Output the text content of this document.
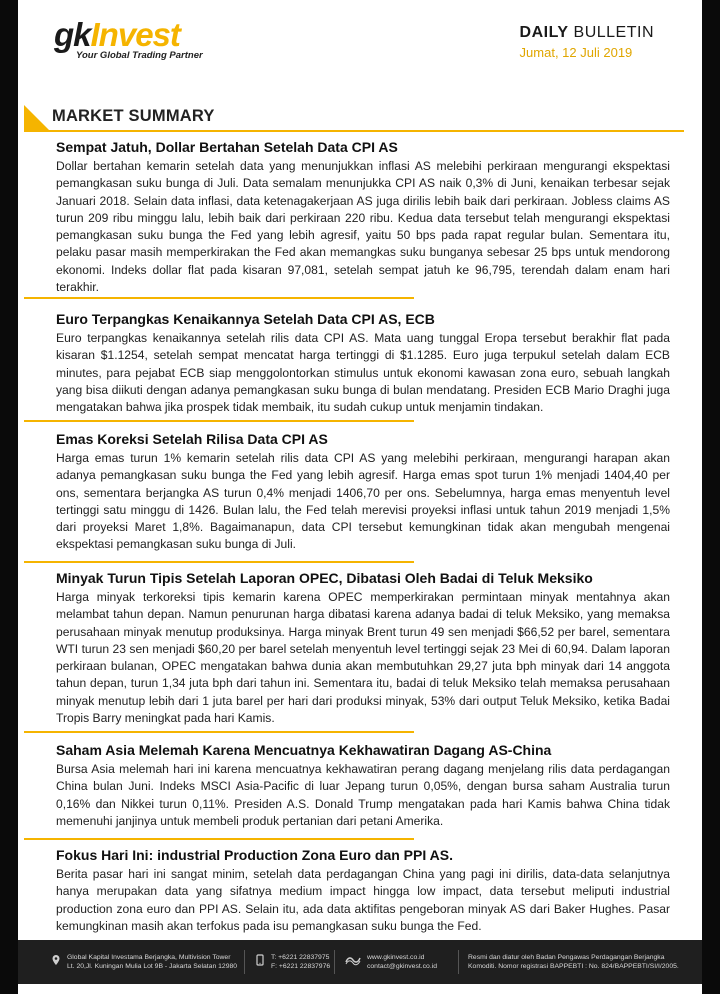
gkInvest
Your Global Trading Partner
DAILY BULLETIN
Jumat, 12 Juli 2019
MARKET SUMMARY
Sempat Jatuh, Dollar Bertahan Setelah Data CPI AS

Dollar bertahan kemarin setelah data yang menunjukkan inflasi AS melebihi perkiraan mengurangi ekspektasi pemangkasan suku bunga di Juli. Data semalam menunjukka CPI AS naik 0,3% di Juni, kenaikan terbesar sejak Januari 2018. Selain data inflasi, data ketenagakerjaan AS juga dirilis lebih baik dari perkiraan. Jobless claims AS turun 209 ribu minggu lalu, lebih baik dari perkiraan 220 ribu. Kedua data tersebut telah mengurangi ekspektasi pemangkasan suku bunga the Fed yang lebih agresif, yaitu 50 bps pada rapat regular bulan. Sementara itu, pelaku pasar masih memperkirakan the Fed akan memangkas suku bunganya sebesar 25 bps untuk mendorong ekonomi. Indeks dollar flat pada kisaran 97,081, setelah sempat jatuh ke 96,795, terendah dalam enam hari terakhir.

Euro Terpangkas Kenaikannya Setelah Data CPI AS, ECB

Euro terpangkas kenaikannya setelah rilis data CPI AS. Mata uang tunggal Eropa tersebut berakhir flat pada kisaran $1.1254, setelah sempat mencatat harga tertinggi di $1.1285. Euro juga terpukul setelah dalam ECB minutes, para pejabat ECB siap menggolontorkan stimulus untuk ekonomi kawasan zona euro, sebuah langkah yang bisa diikuti dengan adanya pemangkasan suku bunga di bulan mendatang. Presiden ECB Mario Draghi juga mengatakan bahwa jika prospek tidak membaik, itu sudah cukup untuk menjamin tindakan.

Emas Koreksi Setelah Rilisa Data CPI AS

Harga emas turun 1% kemarin setelah rilis data CPI AS yang melebihi perkiraan, mengurangi harapan akan adanya pemangkasan suku bunga the Fed yang lebih agresif. Harga emas spot turun 1% menjadi 1404,40 per ons, sementara berjangka AS turun 0,4% menjadi 1406,70 per ons. Sebelumnya, harga emas menyentuh level tertinggi satu minggu di 1426. Bulan lalu, the Fed telah merevisi proyeksi inflasi untuk tahun 2019 menjadi 1,5% dari proyeksi Maret 1,8%. Bagaimanapun, data CPI tersebut kemungkinan tidak akan mengubah mengenai ekspektasi pemangkasan suku bunga di Juli.

Minyak Turun Tipis Setelah Laporan OPEC, Dibatasi Oleh Badai di Teluk Meksiko

Harga minyak terkoreksi tipis kemarin karena OPEC memperkirakan permintaan minyak mentahnya akan melambat tahun depan. Namun penurunan harga dibatasi karena adanya badai di teluk Meksiko, yang memaksa perusahaan minyak menutup produksinya. Harga minyak Brent turun 49 sen menjadi $66,52 per barel, sementara WTI turun 23 sen menjadi $60,20 per barel setelah menyentuh level tertinggi sejak 23 Mei di 60,94. Dalam laporan perkiraan bulanan, OPEC mengatakan bahwa dunia akan membutuhkan 29,27 juta bph minyak dari 14 anggota tahun depan, turun 1,34 juta bph dari tahun ini. Sementara itu, badai di teluk Meksiko telah memaksa perusahaan minyak menutup lebih dari 1 juta barel per hari dari produksi minyak, 53% dari output Teluk Meksiko, ketika Badai Tropis Barry meningkat pada hari Kamis.

Saham Asia Melemah Karena Mencuatnya Kekhawatiran Dagang AS-China

Bursa Asia melemah hari ini karena mencuatnya kekhawatiran perang dagang menjelang rilis data perdagangan China bulan Juni. Indeks MSCI Asia-Pacific di luar Jepang turun 0,05%, dengan bursa saham Australia turun 0,16% dan Nikkei turun 0,11%. Presiden A.S. Donald Trump mengatakan pada hari Kamis bahwa China tidak memenuhi janjinya untuk membeli produk pertanian dari petani Amerika.

Fokus Hari Ini: industrial Production Zona Euro dan PPI AS.

Berita pasar hari ini sangat minim, setelah data perdagangan China yang pagi ini dirilis, data-data selanjutnya hanya merupakan data yang sifatnya medium impact hingga low impact, data tersebut meliputi industrial production zona euro dan PPI AS. Selain itu, ada data aktifitas pengeboran minyak AS dari Baker Hughes. Pasar kemungkinan masih akan terfokus pada isu pemangkasan suku bunga the Fed.

Global Kapital Investama Berjangka, Multivision Tower
Lt. 20,Jl. Kuningan Mulia Lot 9B - Jakarta Selatan 12980
T: +6221 22837975
F: +6221 22837976
www.gkinvest.co.id
contact@gkinvest.co.id
Resmi dan diatur oleh Badan Pengawas Perdagangan Berjangka
Komoditi. Nomor registrasi BAPPEBTI : No. 824/BAPPEBTI/SI/I/2005.
